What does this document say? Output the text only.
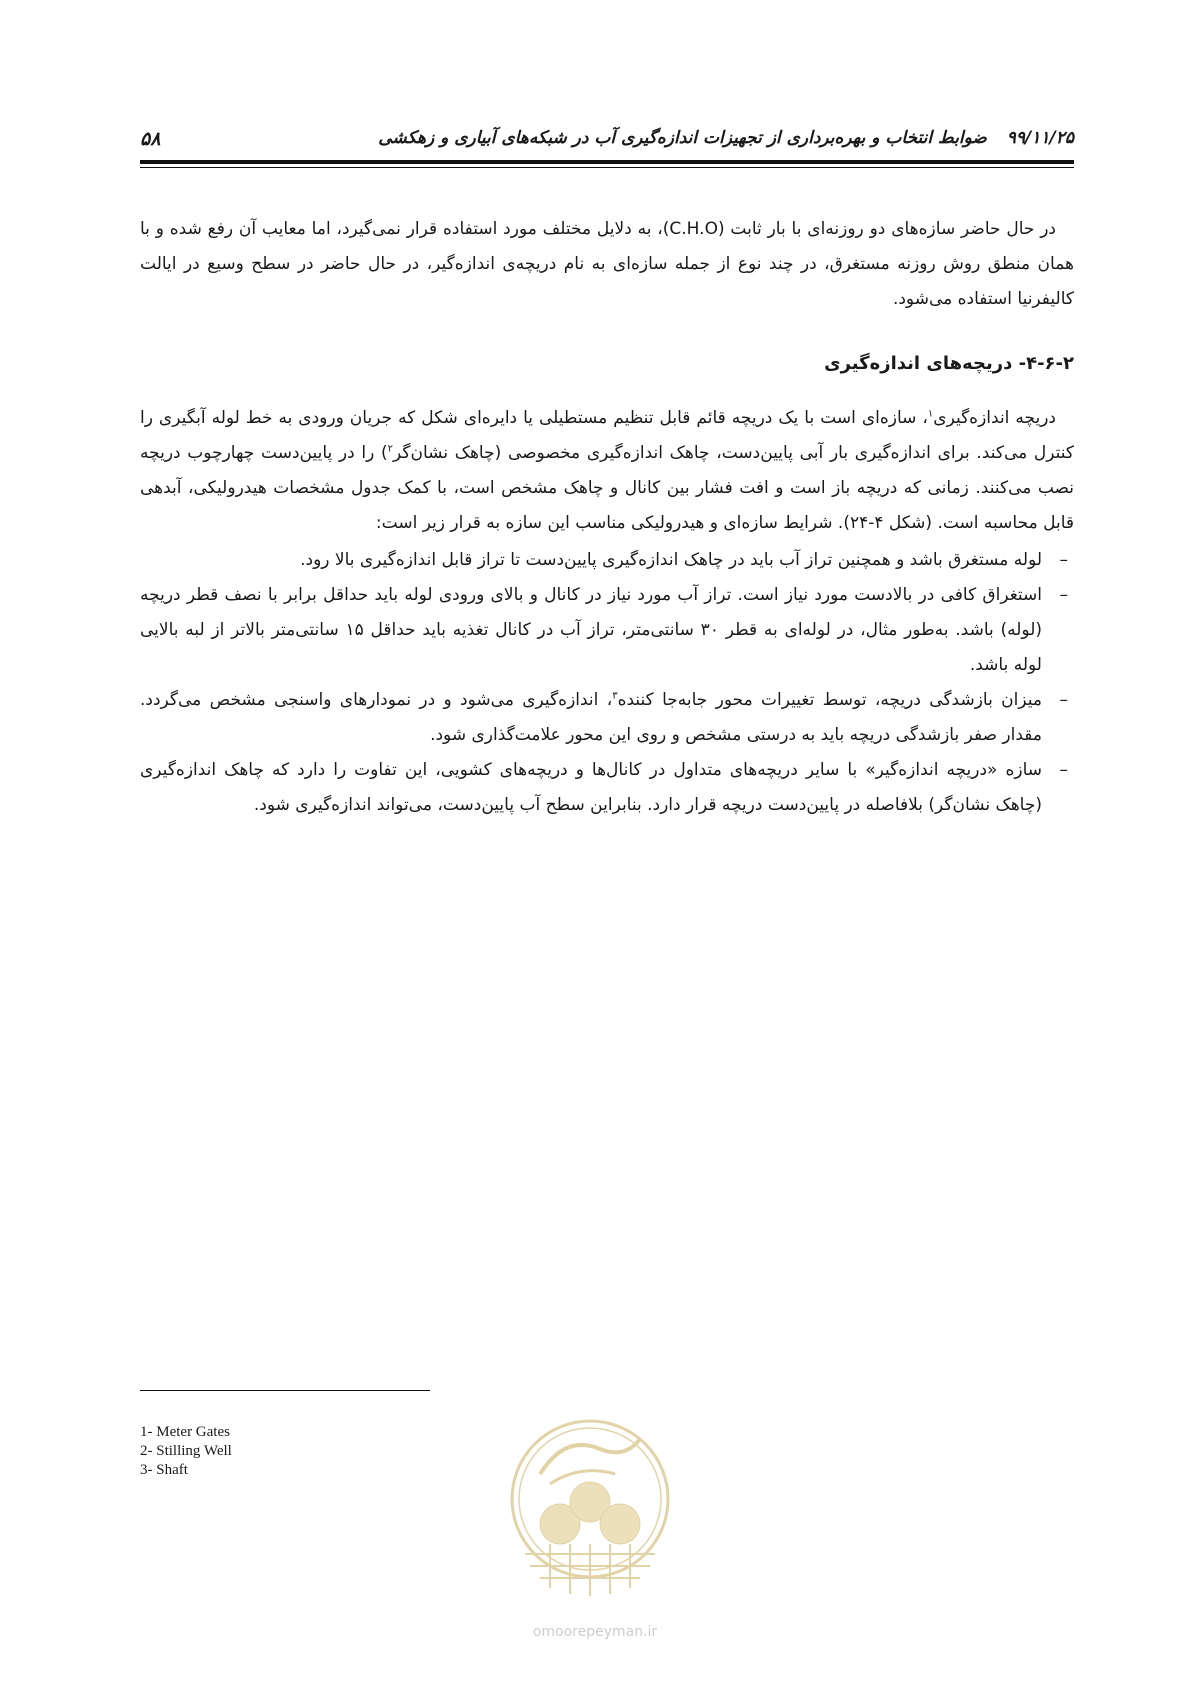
۵۸	۹۹/۱۱/۲۵ ضوابط انتخاب و بهره‌برداری از تجهیزات اندازه‌گیری آب در شبکه‌های آبیاری و زهکشی

در حال حاضر سازه‌های دو روزنه‌ای با بار ثابت (C.H.O)، به دلایل مختلف مورد استفاده قرار نمی‌گیرد، اما معایب آن رفع شده و با همان منطق روش روزنه مستغرق، در چند نوع از جمله سازه‌ای به نام دریچه‌ی اندازه‌گیر، در حال حاضر در سطح وسیع در ایالت کالیفرنیا استفاده می‌شود.

۴-۶-۲- دریچه‌های اندازه‌گیری

دریچه اندازه‌گیری$^۱$، سازه‌ای است با یک دریچه قائم قابل تنظیم مستطیلی یا دایره‌ای شکل که جریان ورودی به خط لوله آبگیری را کنترل می‌کند. برای اندازه‌گیری بار آبی پایین‌دست، چاهک اندازه‌گیری مخصوصی (چاهک نشان‌گر$^۲$) را در پایین‌دست چهارچوب دریچه نصب می‌کنند. زمانی که دریچه باز است و افت فشار بین کانال و چاهک مشخص است، با کمک جدول مشخصات هیدرولیکی، آبدهی قابل محاسبه است. (شکل ۴-۲۴). شرایط سازه‌ای و هیدرولیکی مناسب این سازه به قرار زیر است:

–
لوله مستغرق باشد و همچنین تراز آب باید در چاهک اندازه‌گیری پایین‌دست تا تراز قابل اندازه‌گیری بالا رود.
–
استغراق کافی در بالادست مورد نیاز است. تراز آب مورد نیاز در کانال و بالای ورودی لوله باید حداقل برابر با نصف قطر دریچه (لوله) باشد. به‌طور مثال، در لوله‌ای به قطر ۳۰ سانتی‌متر، تراز آب در کانال تغذیه باید حداقل ۱۵ سانتی‌متر بالاتر از لبه بالایی لوله باشد.
–
میزان بازشدگی دریچه، توسط تغییرات محور جابه‌جا کننده$^۳$، اندازه‌گیری می‌شود و در نمودارهای واسنجی مشخص می‌گردد. مقدار صفر بازشدگی دریچه باید به درستی مشخص و روی این محور علامت‌گذاری شود.
–
سازه «دریچه اندازه‌گیر» با سایر دریچه‌های متداول در کانال‌ها و دریچه‌های کشویی، این تفاوت را دارد که چاهک اندازه‌گیری (چاهک نشان‌گر) بلافاصله در پایین‌دست دریچه قرار دارد. بنابراین سطح آب پایین‌دست، می‌تواند اندازه‌گیری شود.
1- Meter Gates
2- Stilling Well
3- Shaft
omoorepeyman.ir
